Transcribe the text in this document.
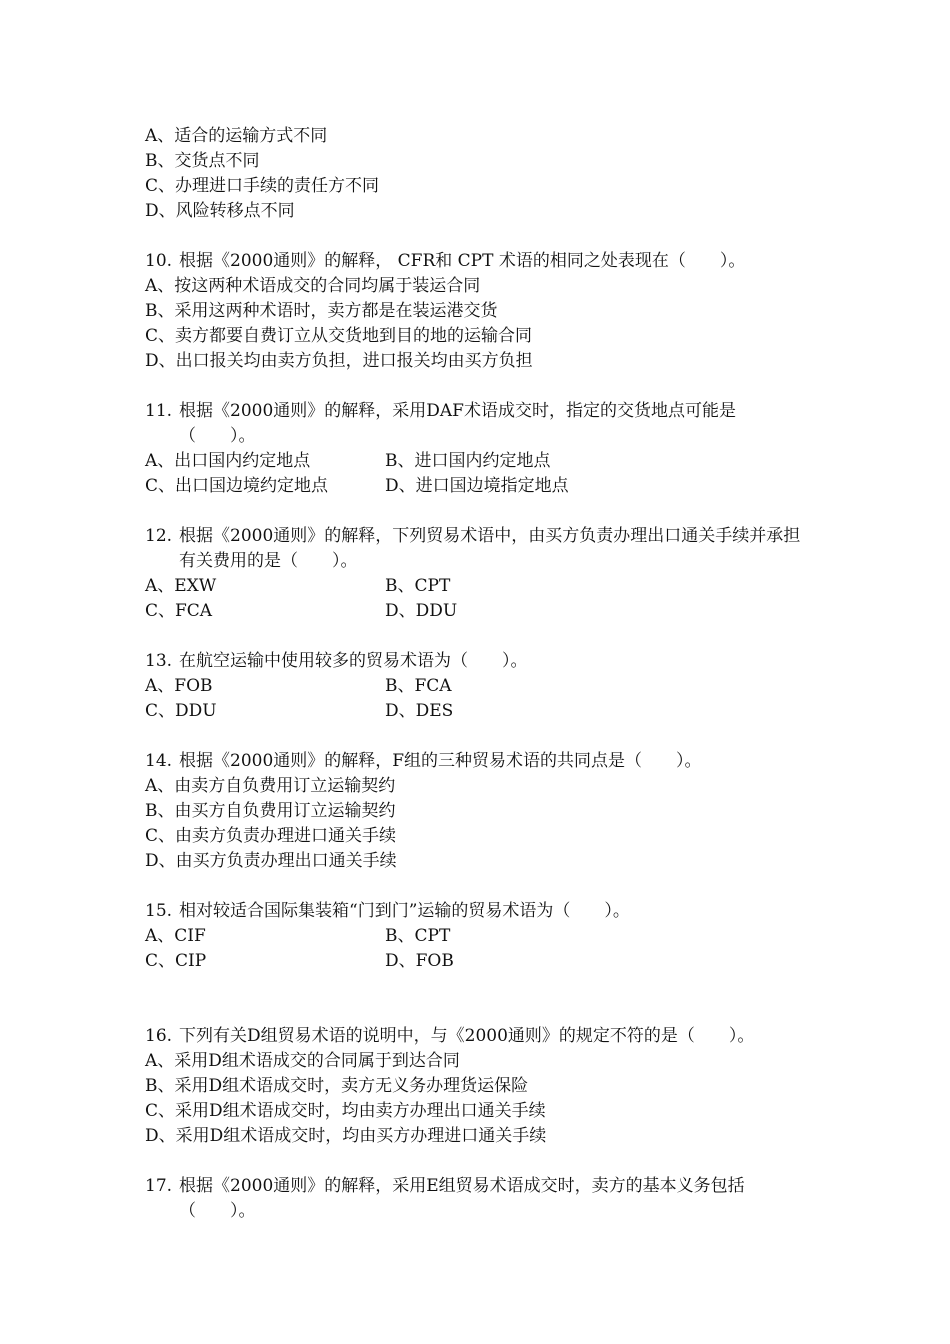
A、适合的运输方式不同
B、交货点不同
C、办理进口手续的责任方不同
D、风险转移点不同
10. 根据《2000通则》的解释， CFR和 CPT 术语的相同之处表现在（　　）。
A、按这两种术语成交的合同均属于装运合同
B、采用这两种术语时，卖方都是在装运港交货
C、卖方都要自费订立从交货地到目的地的运输合同
D、出口报关均由卖方负担，进口报关均由买方负担
11. 根据《2000通则》的解释，采用DAF术语成交时，指定的交货地点可能是（　　）。
A、出口国内约定地点	B、进口国内约定地点
C、出口国边境约定地点	D、进口国边境指定地点
12. 根据《2000通则》的解释，下列贸易术语中，由买方负责办理出口通关手续并承担有关费用的是（　　）。
A、EXW	B、CPT
C、FCA	D、DDU
13. 在航空运输中使用较多的贸易术语为（　　）。
A、FOB	B、FCA
C、DDU	D、DES
14. 根据《2000通则》的解释，F组的三种贸易术语的共同点是（　　）。
A、由卖方自负费用订立运输契约
B、由买方自负费用订立运输契约
C、由卖方负责办理进口通关手续
D、由买方负责办理出口通关手续
15. 相对较适合国际集装箱“门到门”运输的贸易术语为（　　）。
A、CIF	B、CPT
C、CIP	D、FOB
16. 下列有关D组贸易术语的说明中，与《2000通则》的规定不符的是（　　）。
A、采用D组术语成交的合同属于到达合同
B、采用D组术语成交时，卖方无义务办理货运保险
C、采用D组术语成交时，均由卖方办理出口通关手续
D、采用D组术语成交时，均由买方办理进口通关手续
17. 根据《2000通则》的解释，采用E组贸易术语成交时，卖方的基本义务包括（　　）。
